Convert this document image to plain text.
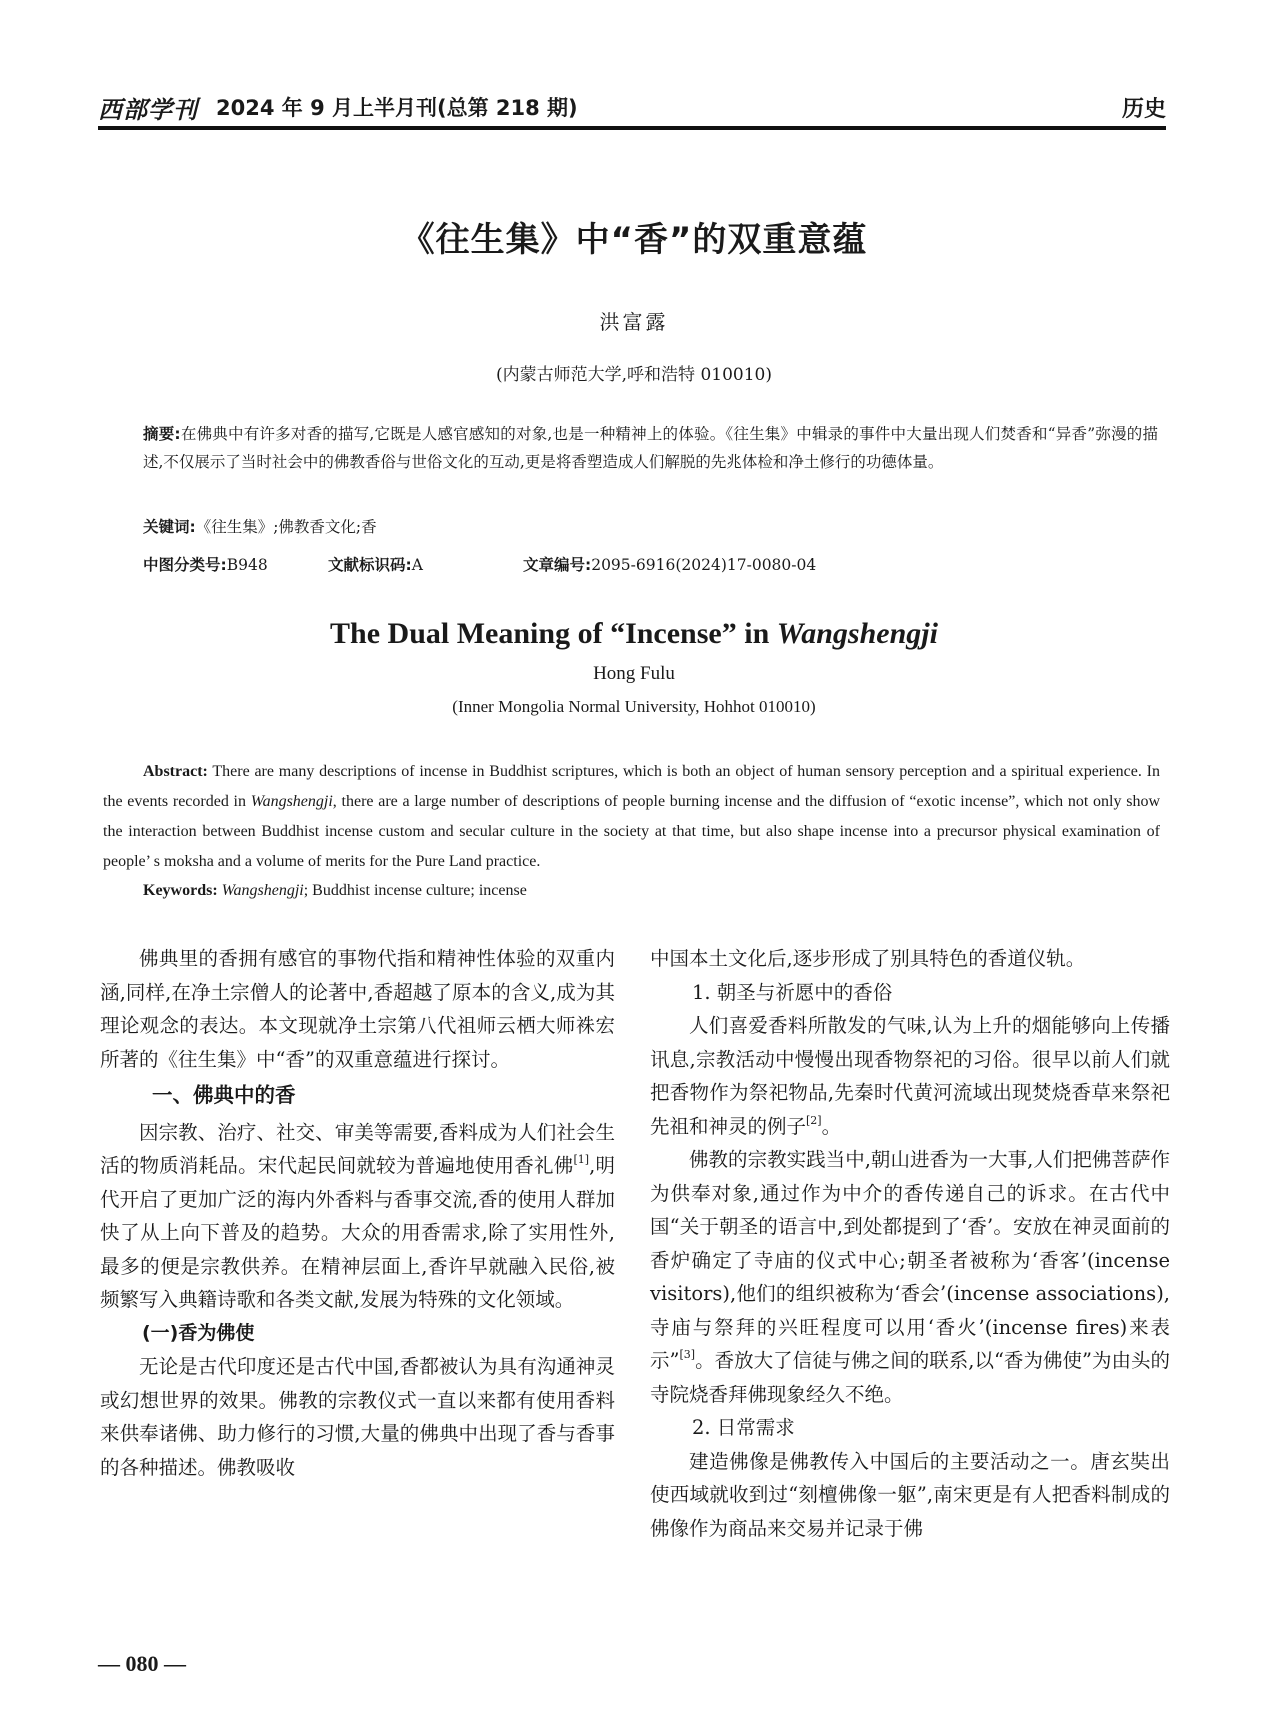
西部学刊 2024 年 9 月上半月刊(总第 218 期)	历史
《往生集》中“香”的双重意蕴
洪富露
(内蒙古师范大学,呼和浩特 010010)
摘要:在佛典中有许多对香的描写,它既是人感官感知的对象,也是一种精神上的体验。《往生集》中辑录的事件中大量出现人们焚香和“异香”弥漫的描述,不仅展示了当时社会中的佛教香俗与世俗文化的互动,更是将香塑造成人们解脱的先兆体检和净土修行的功德体量。
关键词:《往生集》;佛教香文化;香
中图分类号:B948	文献标识码:A	文章编号:2095-6916(2024)17-0080-04
The Dual Meaning of “Incense” in Wangshengji
Hong Fulu
(Inner Mongolia Normal University, Hohhot 010010)
Abstract: There are many descriptions of incense in Buddhist scriptures, which is both an object of human sensory perception and a spiritual experience. In the events recorded in Wangshengji, there are a large number of descriptions of people burning incense and the diffusion of “exotic incense”, which not only show the interaction between Buddhist incense custom and secular culture in the society at that time, but also shape incense into a precursor physical examination of people’ s moksha and a volume of merits for the Pure Land practice.
Keywords: Wangshengji; Buddhist incense culture; incense

佛典里的香拥有感官的事物代指和精神性体验的双重内涵,同样,在净土宗僧人的论著中,香超越了原本的含义,成为其理论观念的表达。本文现就净土宗第八代祖师云栖大师袾宏所著的《往生集》中“香”的双重意蕴进行探讨。

一、佛典中的香

因宗教、治疗、社交、审美等需要,香料成为人们社会生活的物质消耗品。宋代起民间就较为普遍地使用香礼佛[1],明代开启了更加广泛的海内外香料与香事交流,香的使用人群加快了从上向下普及的趋势。大众的用香需求,除了实用性外,最多的便是宗教供养。在精神层面上,香许早就融入民俗,被频繁写入典籍诗歌和各类文献,发展为特殊的文化领域。

(一)香为佛使

无论是古代印度还是古代中国,香都被认为具有沟通神灵或幻想世界的效果。佛教的宗教仪式一直以来都有使用香料来供奉诸佛、助力修行的习惯,大量的佛典中出现了香与香事的各种描述。佛教吸收

中国本土文化后,逐步形成了别具特色的香道仪轨。

1. 朝圣与祈愿中的香俗

人们喜爱香料所散发的气味,认为上升的烟能够向上传播讯息,宗教活动中慢慢出现香物祭祀的习俗。很早以前人们就把香物作为祭祀物品,先秦时代黄河流域出现焚烧香草来祭祀先祖和神灵的例子[2]。

佛教的宗教实践当中,朝山进香为一大事,人们把佛菩萨作为供奉对象,通过作为中介的香传递自己的诉求。在古代中国“关于朝圣的语言中,到处都提到了‘香’。安放在神灵面前的香炉确定了寺庙的仪式中心;朝圣者被称为‘香客’(incense visitors),他们的组织被称为‘香会’(incense associations),寺庙与祭拜的兴旺程度可以用‘香火’(incense fires)来表示”[3]。香放大了信徒与佛之间的联系,以“香为佛使”为由头的寺院烧香拜佛现象经久不绝。

2. 日常需求

建造佛像是佛教传入中国后的主要活动之一。唐玄奘出使西域就收到过“刻檀佛像一躯”,南宋更是有人把香料制成的佛像作为商品来交易并记录于佛

— 080 —
